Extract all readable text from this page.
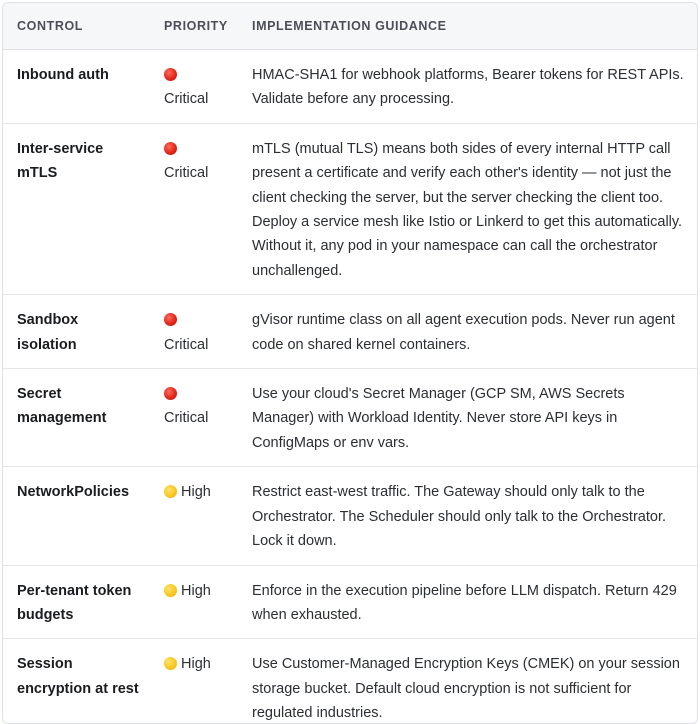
CONTROL	PRIORITY	IMPLEMENTATION GUIDANCE
Inbound auth	Critical	HMAC-SHA1 for webhook platforms, Bearer tokens for REST APIs. Validate before any processing.
Inter-service mTLS	Critical	mTLS (mutual TLS) means both sides of every internal HTTP call present a certificate and verify each other's identity — not just the client checking the server, but the server checking the client too. Deploy a service mesh like Istio or Linkerd to get this automatically. Without it, any pod in your namespace can call the orchestrator unchallenged.
Sandbox isolation	Critical	gVisor runtime class on all agent execution pods. Never run agent code on shared kernel containers.
Secret management	Critical	Use your cloud's Secret Manager (GCP SM, AWS Secrets Manager) with Workload Identity. Never store API keys in ConfigMaps or env vars.
NetworkPolicies	High	Restrict east-west traffic. The Gateway should only talk to the Orchestrator. The Scheduler should only talk to the Orchestrator. Lock it down.
Per-tenant token budgets	High	Enforce in the execution pipeline before LLM dispatch. Return 429 when exhausted.
Session encryption at rest	High	Use Customer-Managed Encryption Keys (CMEK) on your session storage bucket. Default cloud encryption is not sufficient for regulated industries.
